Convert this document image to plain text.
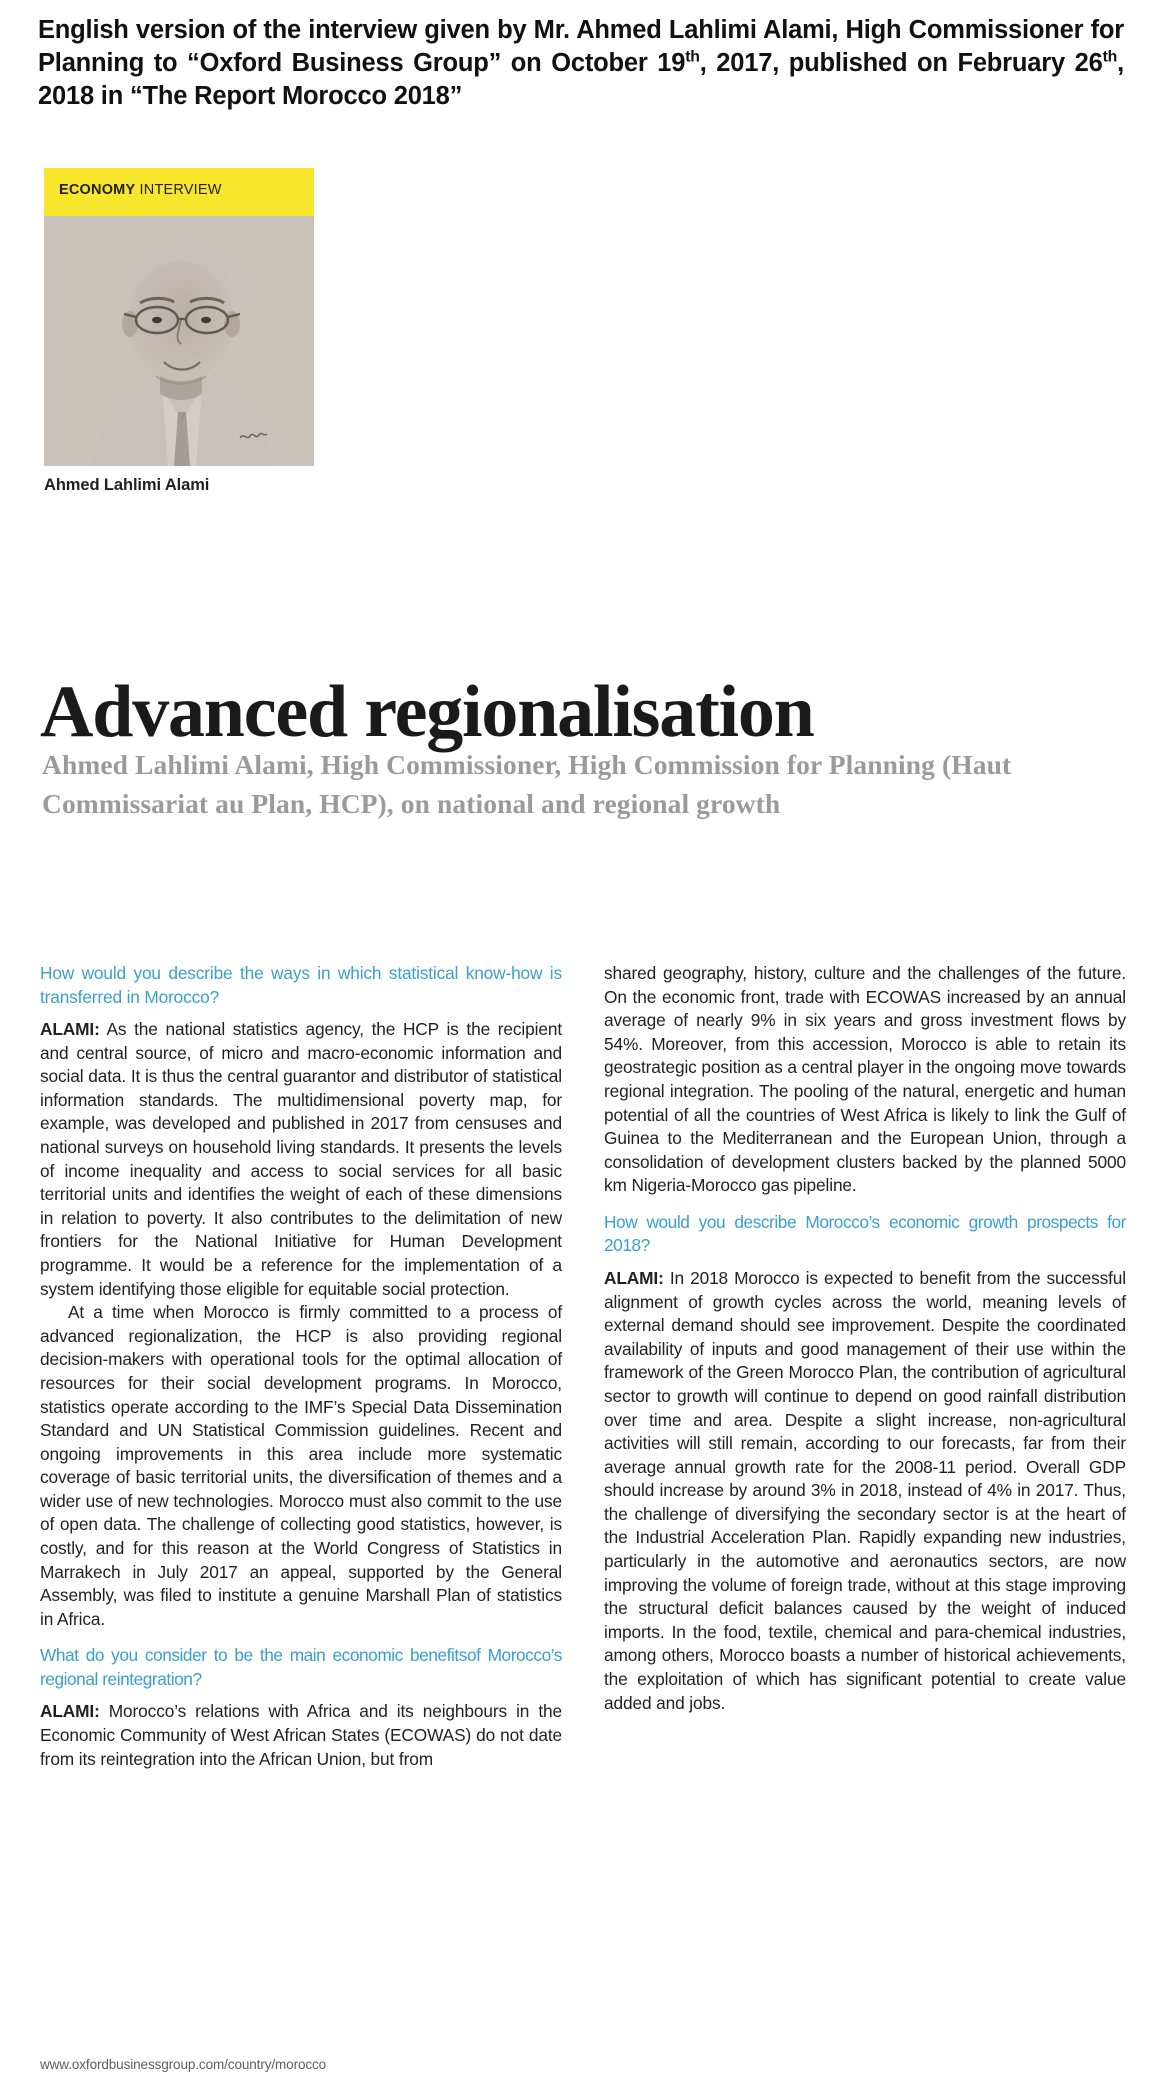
English version of the interview given by Mr. Ahmed Lahlimi Alami, High Commissioner for Planning to “Oxford Business Group” on October 19th, 2017, published on February 26th, 2018 in “The Report Morocco 2018”
ECONOMY INTERVIEW
Ahmed Lahlimi Alami
Advanced regionalisation
Ahmed Lahlimi Alami, High Commissioner, High Commission for Planning (Haut Commissariat au Plan, HCP), on national and regional growth

How would you describe the ways in which statistical know-how is transferred in Morocco?

ALAMI: As the national statistics agency, the HCP is the recipient and central source, of micro and macro-economic information and social data. It is thus the central guarantor and distributor of statistical information standards. The multidimensional poverty map, for example, was developed and published in 2017 from censuses and national surveys on household living standards. It presents the levels of income inequality and access to social services for all basic territorial units and identifies the weight of each of these dimensions in relation to poverty. It also contributes to the delimitation of new frontiers for the National Initiative for Human Development programme. It would be a reference for the implementation of a system identifying those eligible for equitable social protection.

At a time when Morocco is firmly committed to a process of advanced regionalization, the HCP is also providing regional decision-makers with operational tools for the optimal allocation of resources for their social development programs. In Morocco, statistics operate according to the IMF’s Special Data Dissemination Standard and UN Statistical Commission guidelines. Recent and ongoing improvements in this area include more systematic coverage of basic territorial units, the diversification of themes and a wider use of new technologies. Morocco must also commit to the use of open data. The challenge of collecting good statistics, however, is costly, and for this reason at the World Congress of Statistics in Marrakech in July 2017 an appeal, supported by the General Assembly, was filed to institute a genuine Marshall Plan of statistics in Africa.

What do you consider to be the main economic benefitsof Morocco’s regional reintegration?

ALAMI: Morocco’s relations with Africa and its neighbours in the Economic Community of West African States (ECOWAS) do not date from its reintegration into the African Union, but from

shared geography, history, culture and the challenges of the future. On the economic front, trade with ECOWAS increased by an annual average of nearly 9% in six years and gross investment flows by 54%. Moreover, from this accession, Morocco is able to retain its geostrategic position as a central player in the ongoing move towards regional integration. The pooling of the natural, energetic and human potential of all the countries of West Africa is likely to link the Gulf of Guinea to the Mediterranean and the European Union, through a consolidation of development clusters backed by the planned 5000 km Nigeria-Morocco gas pipeline.

How would you describe Morocco’s economic growth prospects for 2018?

ALAMI: In 2018 Morocco is expected to benefit from the successful alignment of growth cycles across the world, meaning levels of external demand should see improvement. Despite the coordinated availability of inputs and good management of their use within the framework of the Green Morocco Plan, the contribution of agricultural sector to growth will continue to depend on good rainfall distribution over time and area. Despite a slight increase, non-agricultural activities will still remain, according to our forecasts, far from their average annual growth rate for the 2008-11 period. Overall GDP should increase by around 3% in 2018, instead of 4% in 2017. Thus, the challenge of diversifying the secondary sector is at the heart of the Industrial Acceleration Plan. Rapidly expanding new industries, particularly in the automotive and aeronautics sectors, are now improving the volume of foreign trade, without at this stage improving the structural deficit balances caused by the weight of induced imports. In the food, textile, chemical and para-chemical industries, among others, Morocco boasts a number of historical achievements, the exploitation of which has significant potential to create value added and jobs.

www.oxfordbusinessgroup.com/country/morocco
